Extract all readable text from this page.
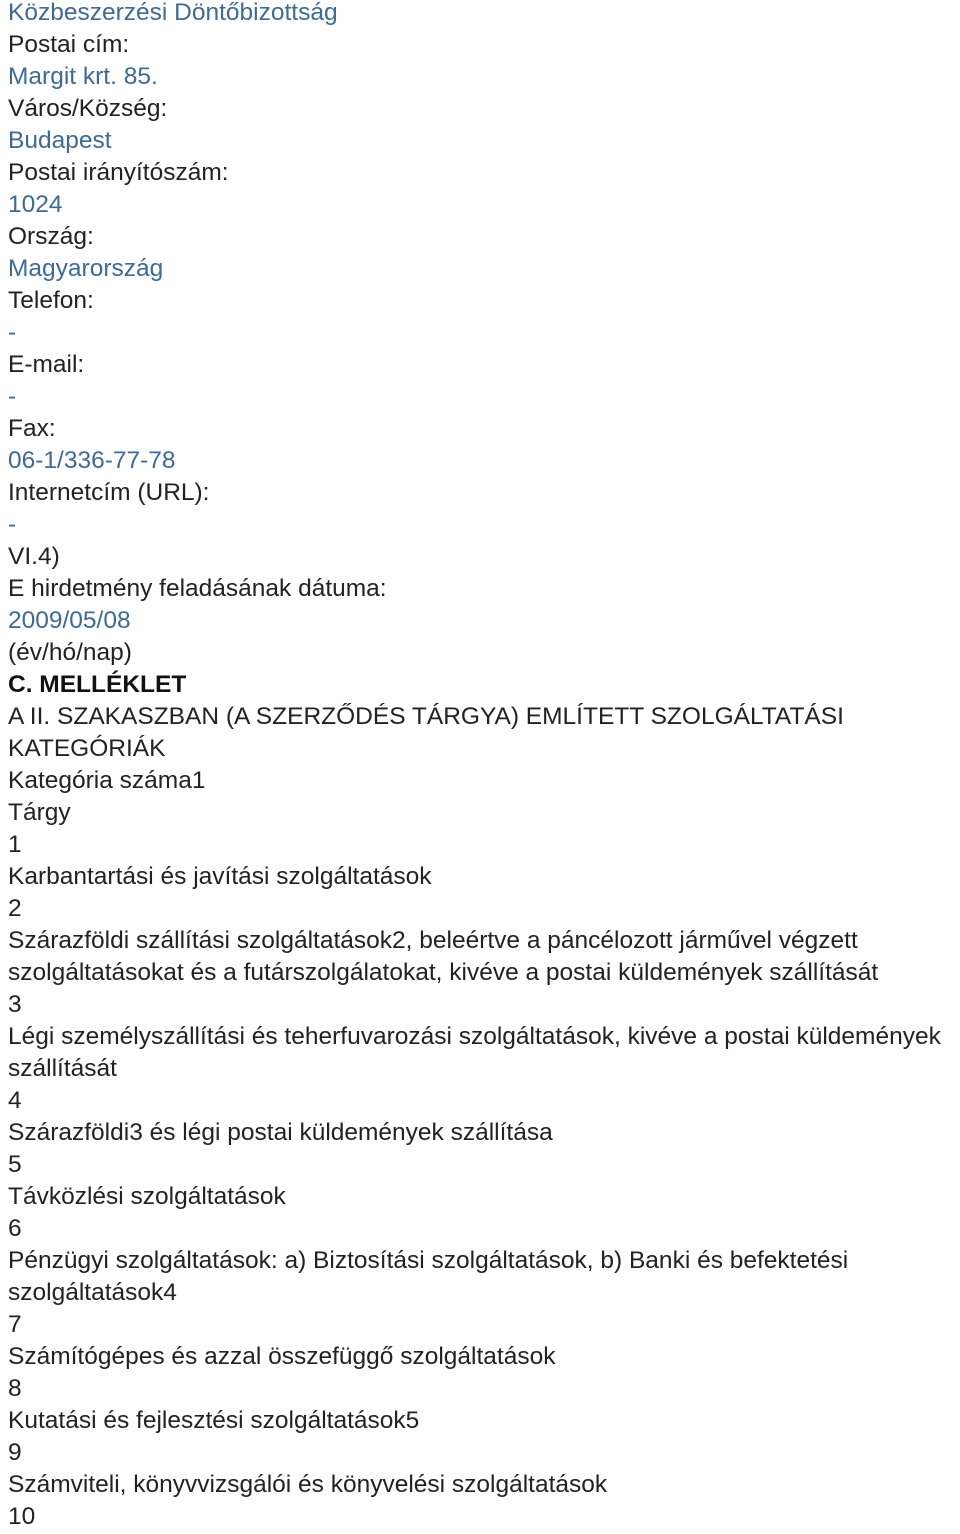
Közbeszerzési Döntőbizottság
Postai cím:
Margit krt. 85.
Város/Község:
Budapest
Postai irányítószám:
1024
Ország:
Magyarország
Telefon:
-
E-mail:
-
Fax:
06-1/336-77-78
Internetcím (URL):
-
VI.4)
E hirdetmény feladásának dátuma:
2009/05/08
(év/hó/nap)
C. MELLÉKLET
A II. SZAKASZBAN (A SZERZŐDÉS TÁRGYA) EMLÍTETT SZOLGÁLTATÁSI KATEGÓRIÁK
Kategória száma1
Tárgy
1
Karbantartási és javítási szolgáltatások
2
Szárazföldi szállítási szolgáltatások2, beleértve a páncélozott járművel végzett szolgáltatásokat és a futárszolgálatokat, kivéve a postai küldemények szállítását
3
Légi személyszállítási és teherfuvarozási szolgáltatások, kivéve a postai küldemények szállítását
4
Szárazföldi3 és légi postai küldemények szállítása
5
Távközlési szolgáltatások
6
Pénzügyi szolgáltatások: a) Biztosítási szolgáltatások, b) Banki és befektetési szolgáltatások4
7
Számítógépes és azzal összefüggő szolgáltatások
8
Kutatási és fejlesztési szolgáltatások5
9
Számviteli, könyvvizsgálói és könyvelési szolgáltatások
10
